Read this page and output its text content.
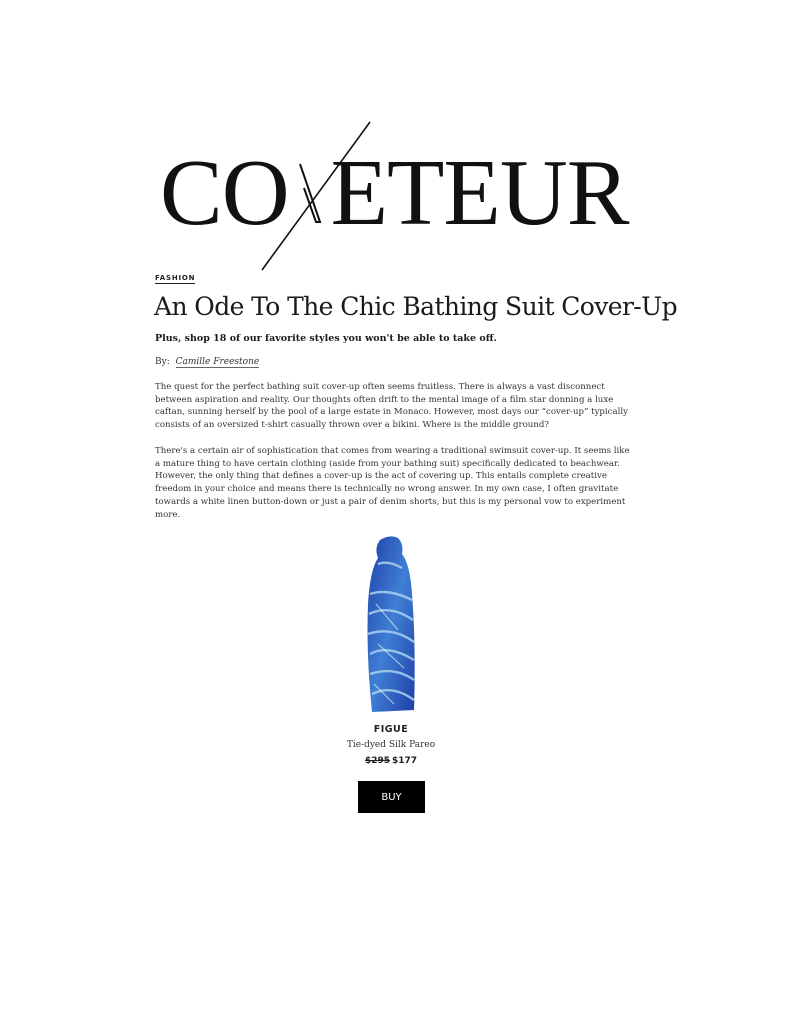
CO ETEUR
FASHION
An Ode To The Chic Bathing Suit Cover-Up

Plus, shop 18 of our favorite styles you won't be able to take off.

By: Camille Freestone

The quest for the perfect bathing suit cover-up often seems fruitless. There is always a vast disconnect between aspiration and reality. Our thoughts often drift to the mental image of a film star donning a luxe caftan, sunning herself by the pool of a large estate in Monaco. However, most days our “cover-up” typically consists of an oversized t-shirt casually thrown over a bikini. Where is the middle ground?

There's a certain air of sophistication that comes from wearing a traditional swimsuit cover-up. It seems like a mature thing to have certain clothing (aside from your bathing suit) specifically dedicated to beachwear. However, the only thing that defines a cover-up is the act of covering up. This entails complete creative freedom in your choice and means there is technically no wrong answer. In my own case, I often gravitate towards a white linen button-down or just a pair of denim shorts, but this is my personal vow to experiment more.

FIGUE
Tie-dyed Silk Pareo
$295 $177
BUY
